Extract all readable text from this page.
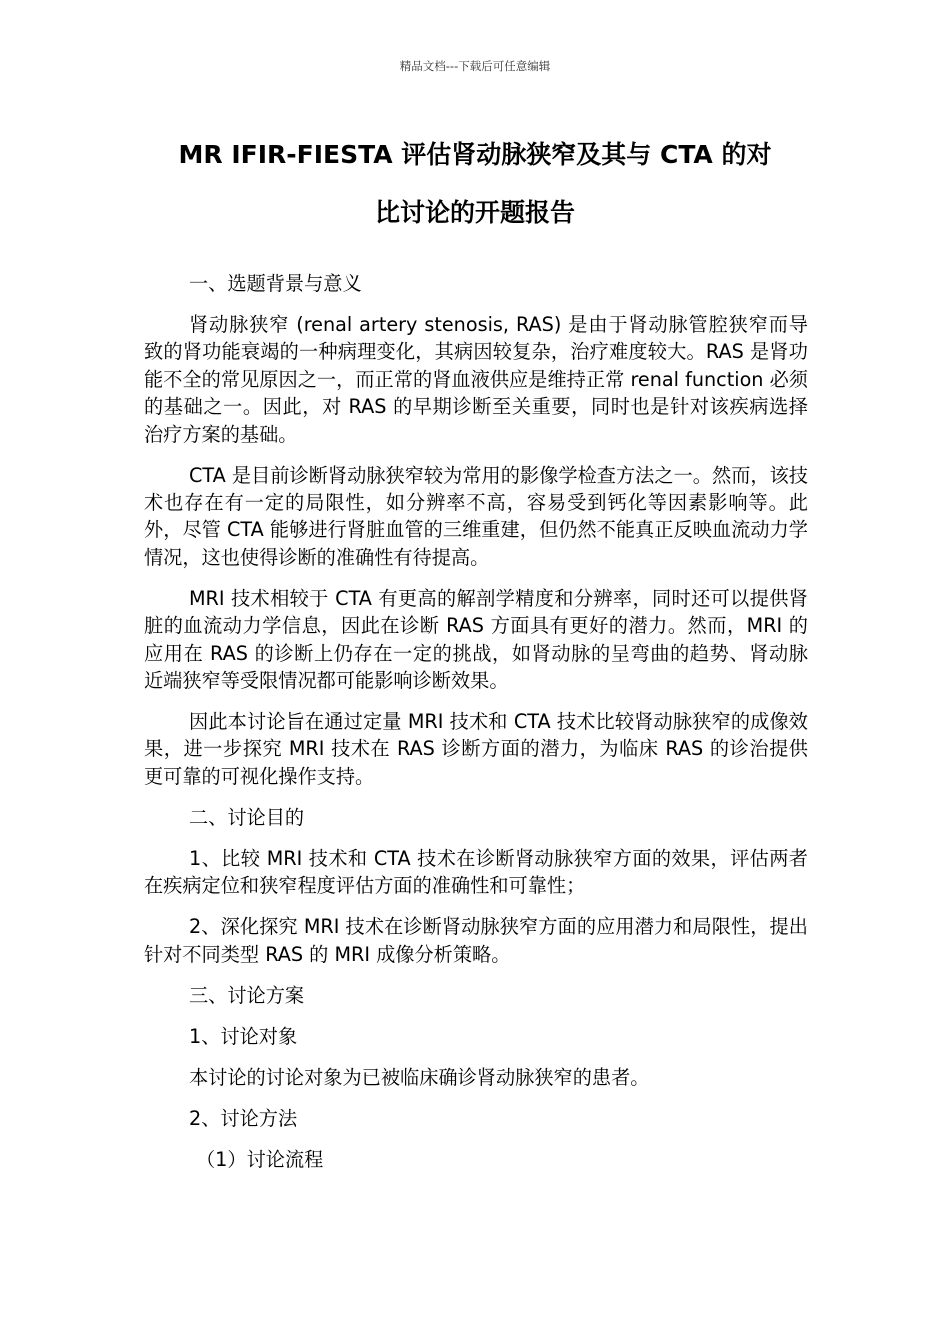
精品文档---下载后可任意编辑
MR IFIR-FIESTA 评估肾动脉狭窄及其与 CTA 的对
比讨论的开题报告

一、选题背景与意义

肾动脉狭窄 (renal artery stenosis, RAS) 是由于肾动脉管腔狭窄而导致的肾功能衰竭的一种病理变化，其病因较复杂，治疗难度较大。RAS 是肾功能不全的常见原因之一，而正常的肾血液供应是维持正常 renal function 必须的基础之一。因此，对 RAS 的早期诊断至关重要，同时也是针对该疾病选择治疗方案的基础。

CTA 是目前诊断肾动脉狭窄较为常用的影像学检查方法之一。然而，该技术也存在有一定的局限性，如分辨率不高，容易受到钙化等因素影响等。此外，尽管 CTA 能够进行肾脏血管的三维重建，但仍然不能真正反映血流动力学情况，这也使得诊断的准确性有待提高。

MRI 技术相较于 CTA 有更高的解剖学精度和分辨率，同时还可以提供肾脏的血流动力学信息，因此在诊断 RAS 方面具有更好的潜力。然而，MRI 的应用在 RAS 的诊断上仍存在一定的挑战，如肾动脉的呈弯曲的趋势、肾动脉近端狭窄等受限情况都可能影响诊断效果。

因此本讨论旨在通过定量 MRI 技术和 CTA 技术比较肾动脉狭窄的成像效果，进一步探究 MRI 技术在 RAS 诊断方面的潜力，为临床 RAS 的诊治提供更可靠的可视化操作支持。

二、讨论目的

1、比较 MRI 技术和 CTA 技术在诊断肾动脉狭窄方面的效果，评估两者在疾病定位和狭窄程度评估方面的准确性和可靠性；

2、深化探究 MRI 技术在诊断肾动脉狭窄方面的应用潜力和局限性，提出针对不同类型 RAS 的 MRI 成像分析策略。

三、讨论方案

1、讨论对象

本讨论的讨论对象为已被临床确诊肾动脉狭窄的患者。

2、讨论方法

（1）讨论流程
